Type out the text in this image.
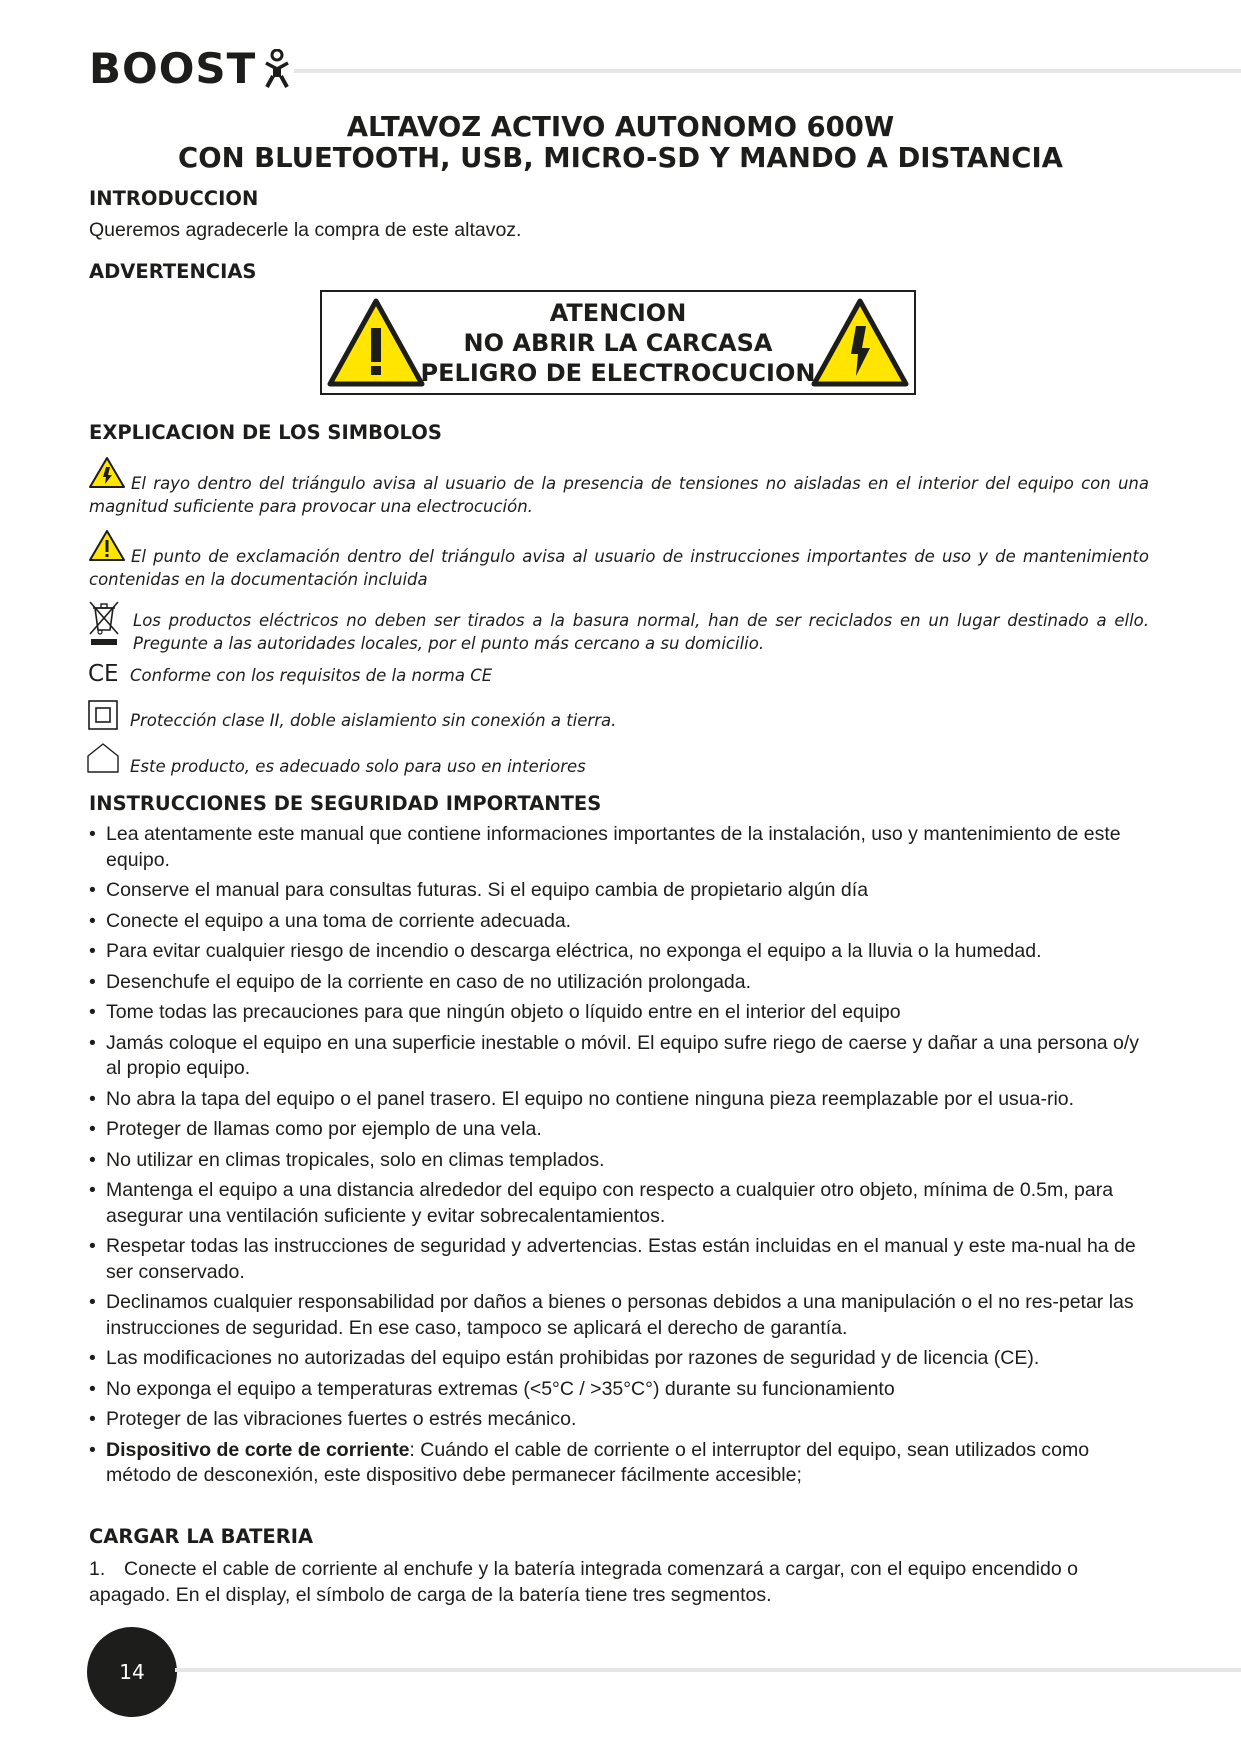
BOOST
ALTAVOZ ACTIVO AUTONOMO 600W
CON BLUETOOTH, USB, MICRO-SD Y MANDO A DISTANCIA
INTRODUCCION
Queremos agradecerle la compra de este altavoz.
ADVERTENCIAS
ATENCION
NO ABRIR LA CARCASA
PELIGRO DE ELECTROCUCION
EXPLICACION DE LOS SIMBOLOS
El rayo dentro del triángulo avisa al usuario de la presencia de tensiones no aisladas en el interior del equipo con una magnitud suficiente para provocar una electrocución.
El punto de exclamación dentro del triángulo avisa al usuario de instrucciones importantes de uso y de mantenimiento contenidas en la documentación incluida
Los productos eléctricos no deben ser tirados a la basura normal, han de ser reciclados en un lugar destinado a ello. Pregunte a las autoridades locales, por el punto más cercano a su domicilio.
CE Conforme con los requisitos de la norma CE
Protección clase II, doble aislamiento sin conexión a tierra.
Este producto, es adecuado solo para uso en interiores
INSTRUCCIONES DE SEGURIDAD IMPORTANTES
• Lea atentamente este manual que contiene informaciones importantes de la instalación, uso y mantenimiento de este equipo.
• Conserve el manual para consultas futuras. Si el equipo cambia de propietario algún día
• Conecte el equipo a una toma de corriente adecuada.
• Para evitar cualquier riesgo de incendio o descarga eléctrica, no exponga el equipo a la lluvia o la humedad.
• Desenchufe el equipo de la corriente en caso de no utilización prolongada.
• Tome todas las precauciones para que ningún objeto o líquido entre en el interior del equipo
• Jamás coloque el equipo en una superficie inestable o móvil. El equipo sufre riego de caerse y dañar a una persona o/y al propio equipo.
• No abra la tapa del equipo o el panel trasero. El equipo no contiene ninguna pieza reemplazable por el usua-rio.
• Proteger de llamas como por ejemplo de una vela.
• No utilizar en climas tropicales, solo en climas templados.
• Mantenga el equipo a una distancia alrededor del equipo con respecto a cualquier otro objeto, mínima de 0.5m, para asegurar una ventilación suficiente y evitar sobrecalentamientos.
• Respetar todas las instrucciones de seguridad y advertencias. Estas están incluidas en el manual y este ma-nual ha de ser conservado.
• Declinamos cualquier responsabilidad por daños a bienes o personas debidos a una manipulación o el no res-petar las instrucciones de seguridad. En ese caso, tampoco se aplicará el derecho de garantía.
• Las modificaciones no autorizadas del equipo están prohibidas por razones de seguridad y de licencia (CE).
• No exponga el equipo a temperaturas extremas (<5°C / >35°C°) durante su funcionamiento
• Proteger de las vibraciones fuertes o estrés mecánico.
• Dispositivo de corte de corriente: Cuándo el cable de corriente o el interruptor del equipo, sean utilizados como método de desconexión, este dispositivo debe permanecer fácilmente accesible;
CARGAR LA BATERIA
1. Conecte el cable de corriente al enchufe y la batería integrada comenzará a cargar, con el equipo encendido o apagado. En el display, el símbolo de carga de la batería tiene tres segmentos.
14
